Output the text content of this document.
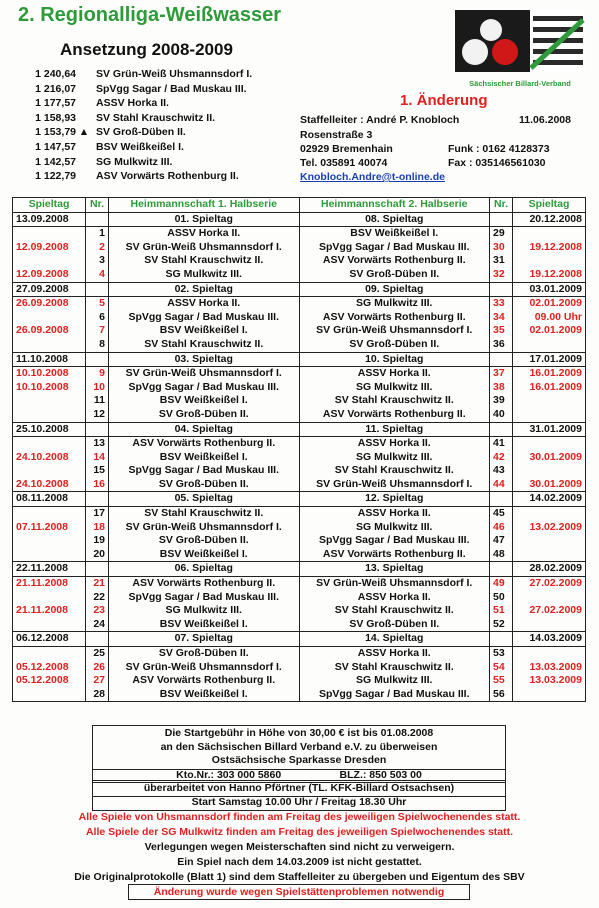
2. Regionalliga-Weißwasser
Ansetzung 2008-2009
1 240,64 SV Grün-Weiß Uhsmannsdorf I.
1 216,07 SpVgg Sagar / Bad Muskau III.
1 177,57 ASSV Horka II.
1 158,93 SV Stahl Krauschwitz II.
1 153,79 ▲ SV Groß-Düben II.
1 147,57 BSV Weißkeißel I.
1 142,57 SG Mulkwitz III.
1 122,79 ASV Vorwärts Rothenburg II.
Sächsischer Billard-Verband
1. Änderung
Staffelleiter : André P. Knobloch	11.06.2008
Rosenstraße 3
02929 Bremenhain	Funk : 0162 4128373
Tel. 035891 40074	Fax : 035146561030
Knobloch.Andre@t-online.de
Spieltag	Nr.	Heimmannschaft 1. Halbserie	Heimmannschaft 2. Halbserie	Nr.	Spieltag
13.09.2008		01. Spieltag	08. Spieltag		20.12.2008
	1	ASSV Horka II.	BSV Weißkeißel I.	29	
12.09.2008	2	SV Grün-Weiß Uhsmannsdorf I.	SpVgg Sagar / Bad Muskau III.	30	19.12.2008
	3	SV Stahl Krauschwitz II.	ASV Vorwärts Rothenburg II.	31	
12.09.2008	4	SG Mulkwitz III.	SV Groß-Düben II.	32	19.12.2008
27.09.2008		02. Spieltag	09. Spieltag		03.01.2009
26.09.2008	5	ASSV Horka II.	SG Mulkwitz III.	33	02.01.2009
	6	SpVgg Sagar / Bad Muskau III.	ASV Vorwärts Rothenburg II.	34	09.00 Uhr
26.09.2008	7	BSV Weißkeißel I.	SV Grün-Weiß Uhsmannsdorf I.	35	02.01.2009
	8	SV Stahl Krauschwitz II.	SV Groß-Düben II.	36	
11.10.2008		03. Spieltag	10. Spieltag		17.01.2009
10.10.2008	9	SV Grün-Weiß Uhsmannsdorf I.	ASSV Horka II.	37	16.01.2009
10.10.2008	10	SpVgg Sagar / Bad Muskau III.	SG Mulkwitz III.	38	16.01.2009
	11	BSV Weißkeißel I.	SV Stahl Krauschwitz II.	39	
	12	SV Groß-Düben II.	ASV Vorwärts Rothenburg II.	40	
25.10.2008		04. Spieltag	11. Spieltag		31.01.2009
	13	ASV Vorwärts Rothenburg II.	ASSV Horka II.	41	
24.10.2008	14	BSV Weißkeißel I.	SG Mulkwitz III.	42	30.01.2009
	15	SpVgg Sagar / Bad Muskau III.	SV Stahl Krauschwitz II.	43	
24.10.2008	16	SV Groß-Düben II.	SV Grün-Weiß Uhsmannsdorf I.	44	30.01.2009
08.11.2008		05. Spieltag	12. Spieltag		14.02.2009
	17	SV Stahl Krauschwitz II.	ASSV Horka II.	45	
07.11.2008	18	SV Grün-Weiß Uhsmannsdorf I.	SG Mulkwitz III.	46	13.02.2009
	19	SV Groß-Düben II.	SpVgg Sagar / Bad Muskau III.	47	
	20	BSV Weißkeißel I.	ASV Vorwärts Rothenburg II.	48	
22.11.2008		06. Spieltag	13. Spieltag		28.02.2009
21.11.2008	21	ASV Vorwärts Rothenburg II.	SV Grün-Weiß Uhsmannsdorf I.	49	27.02.2009
	22	SpVgg Sagar / Bad Muskau III.	ASSV Horka II.	50	
21.11.2008	23	SG Mulkwitz III.	SV Stahl Krauschwitz II.	51	27.02.2009
	24	BSV Weißkeißel I.	SV Groß-Düben II.	52	
06.12.2008		07. Spieltag	14. Spieltag		14.03.2009
	25	SV Groß-Düben II.	ASSV Horka II.	53	
05.12.2008	26	SV Grün-Weiß Uhsmannsdorf I.	SV Stahl Krauschwitz II.	54	13.03.2009
05.12.2008	27	ASV Vorwärts Rothenburg II.	SG Mulkwitz III.	55	13.03.2009
	28	BSV Weißkeißel I.	SpVgg Sagar / Bad Muskau III.	56	
Die Startgebühr in Höhe von 30,00 € ist bis 01.08.2008
an den Sächsischen Billard Verband e.V. zu überweisen
Ostsächsische Sparkasse Dresden
Kto.Nr.: 303 000 5860                    BLZ.: 850 503 00
überarbeitet von Hanno Pförtner (TL. KFK-Billard Ostsachsen)
Start Samstag 10.00 Uhr / Freitag 18.30 Uhr
Alle Spiele von Uhsmannsdorf finden am Freitag des jeweiligen Spielwochenendes statt.
Alle Spiele der SG Mulkwitz finden am Freitag des jeweiligen Spielwochenendes statt.
Verlegungen wegen Meisterschaften sind nicht zu verweigern.
Ein Spiel nach dem 14.03.2009 ist nicht gestattet.
Die Originalprotokolle (Blatt 1) sind dem Staffelleiter zu übergeben und Eigentum des SBV
Änderung wurde wegen Spielstättenproblemen notwendig
